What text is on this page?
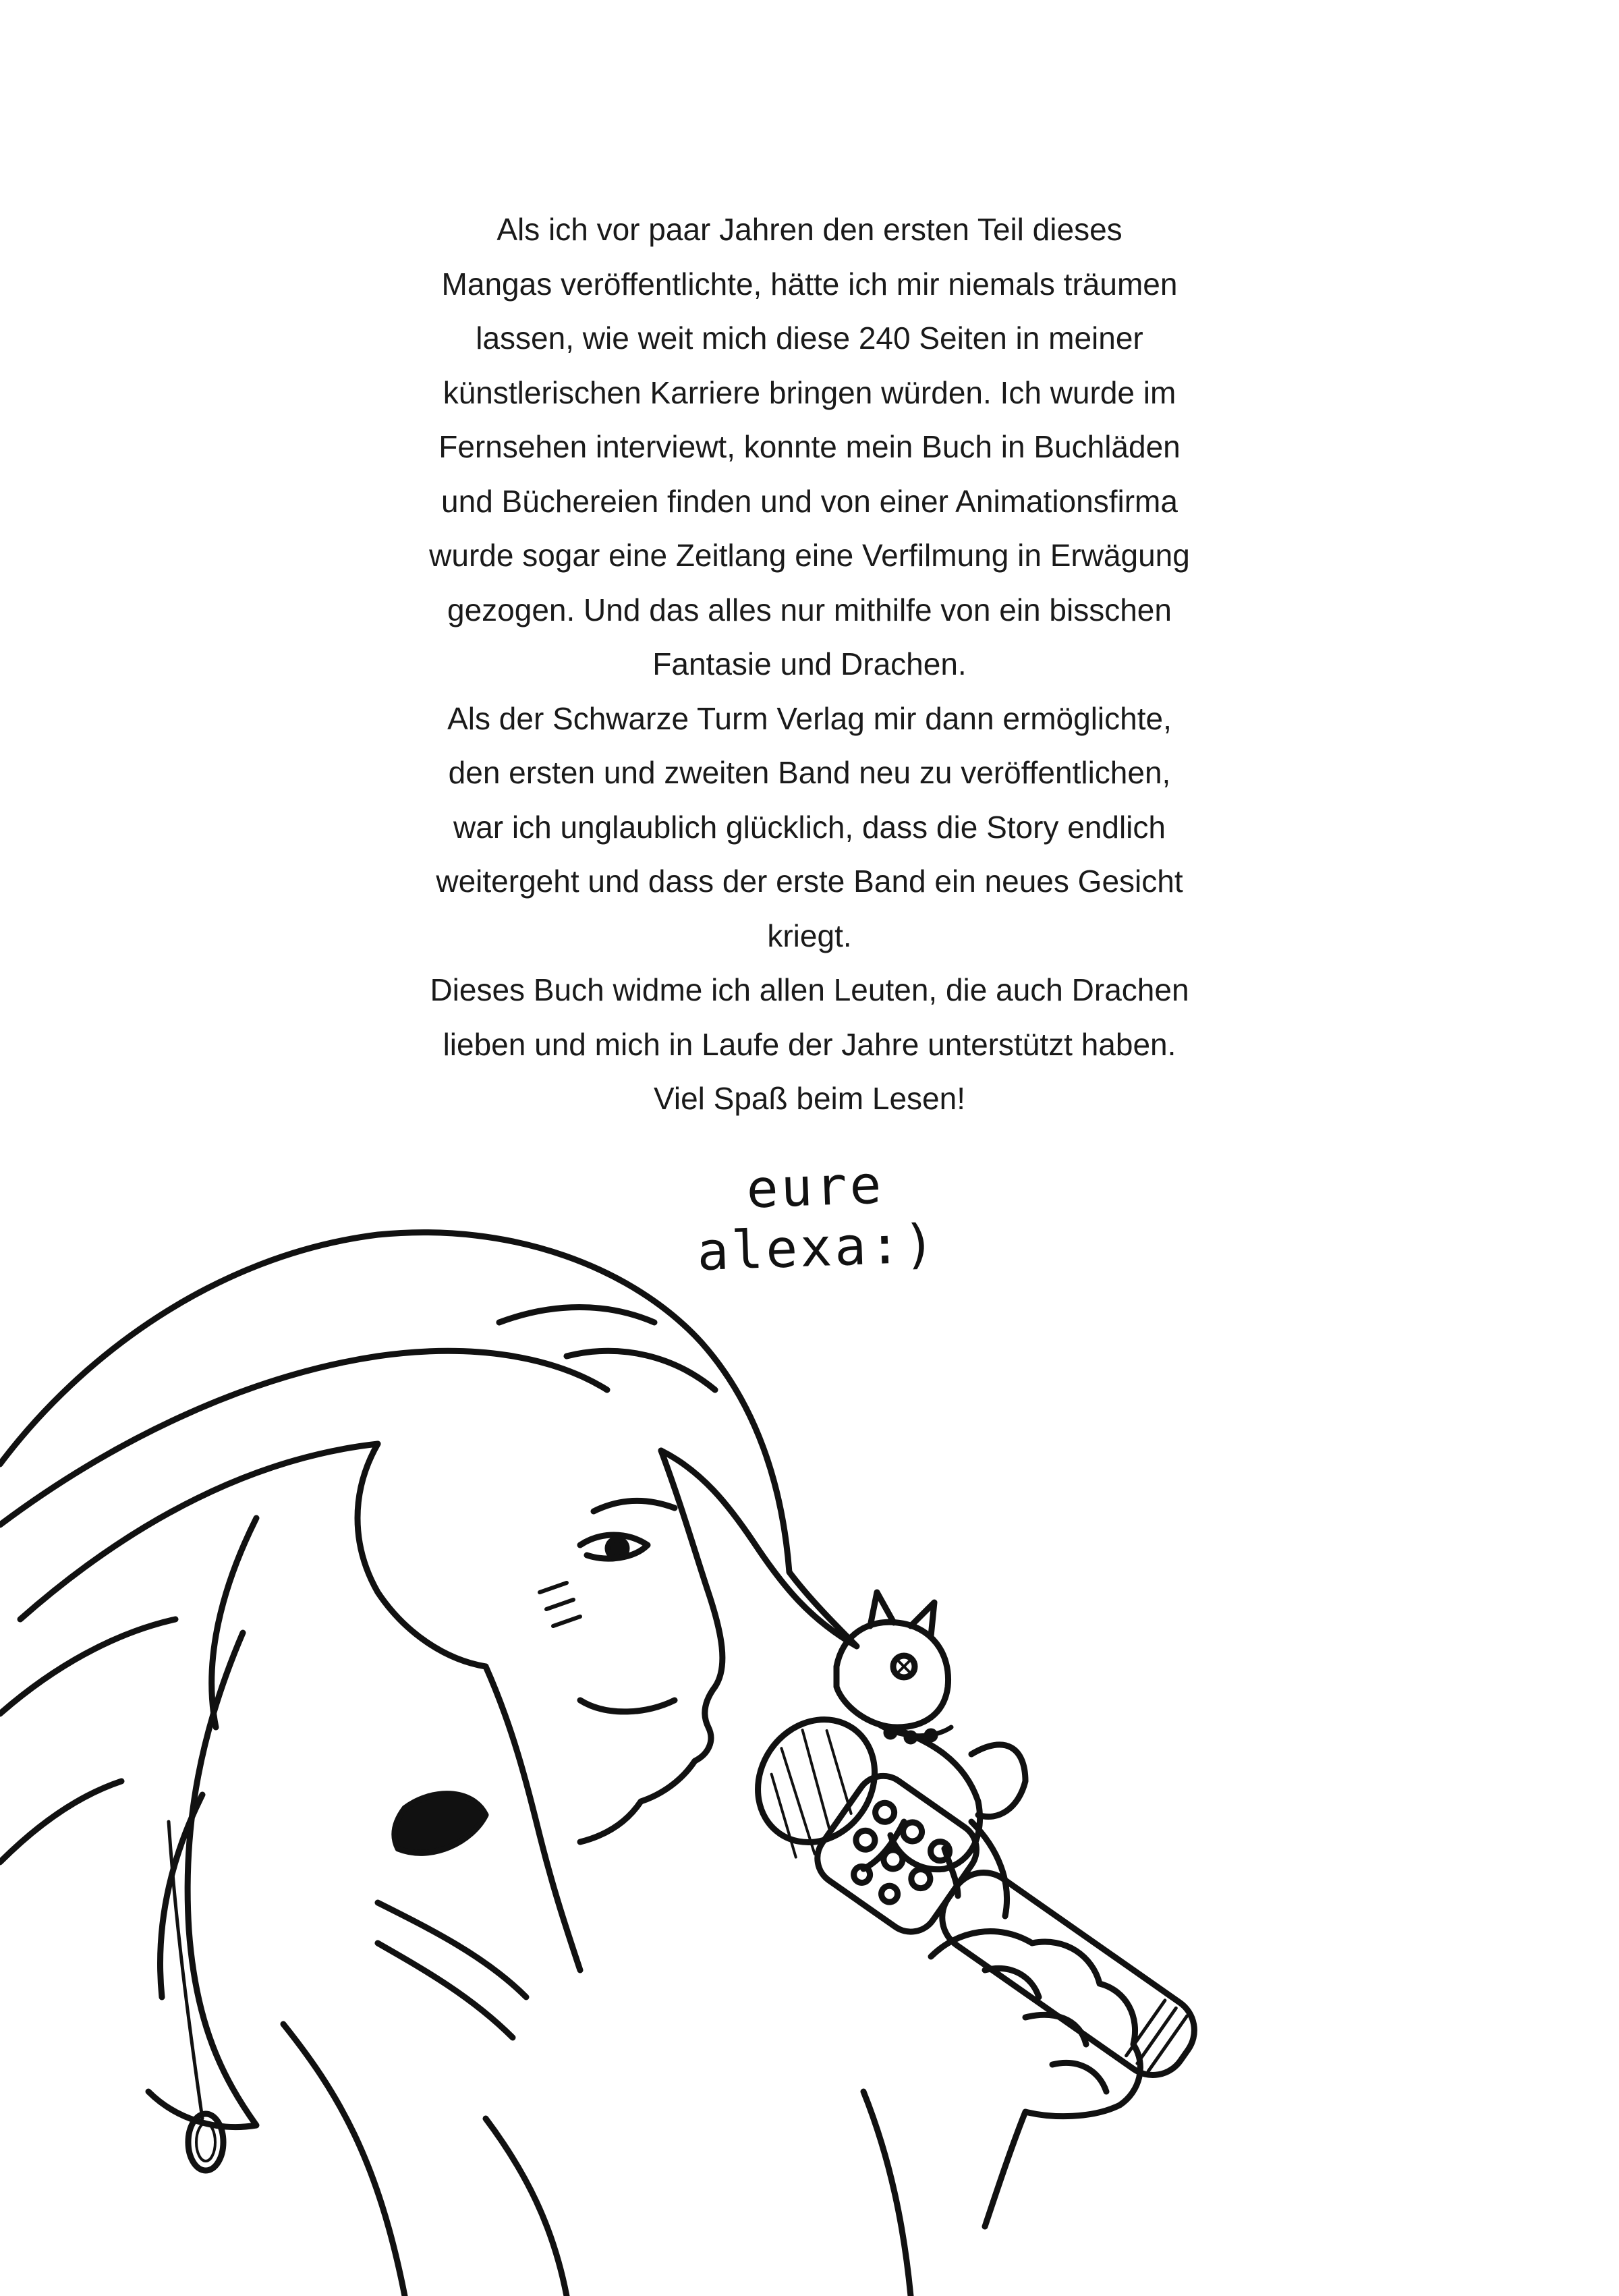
Als ich vor paar Jahren den ersten Teil dieses
Mangas veröffentlichte, hätte ich mir niemals träumen
lassen, wie weit mich diese 240 Seiten in meiner
künstlerischen Karriere bringen würden. Ich wurde im
Fernsehen interviewt, konnte mein Buch in Buchläden
und Büchereien finden und von einer Animationsfirma
wurde sogar eine Zeitlang eine Verfilmung in Erwägung
gezogen. Und das alles nur mithilfe von ein bisschen
Fantasie und Drachen.
Als der Schwarze Turm Verlag mir dann ermöglichte,
den ersten und zweiten Band neu zu veröffentlichen,
war ich unglaublich glücklich, dass die Story endlich
weitergeht und dass der erste Band ein neues Gesicht
kriegt.
Dieses Buch widme ich allen Leuten, die auch Drachen
lieben und mich in Laufe der Jahre unterstützt haben.
Viel Spaß beim Lesen!
eure alexa:)
